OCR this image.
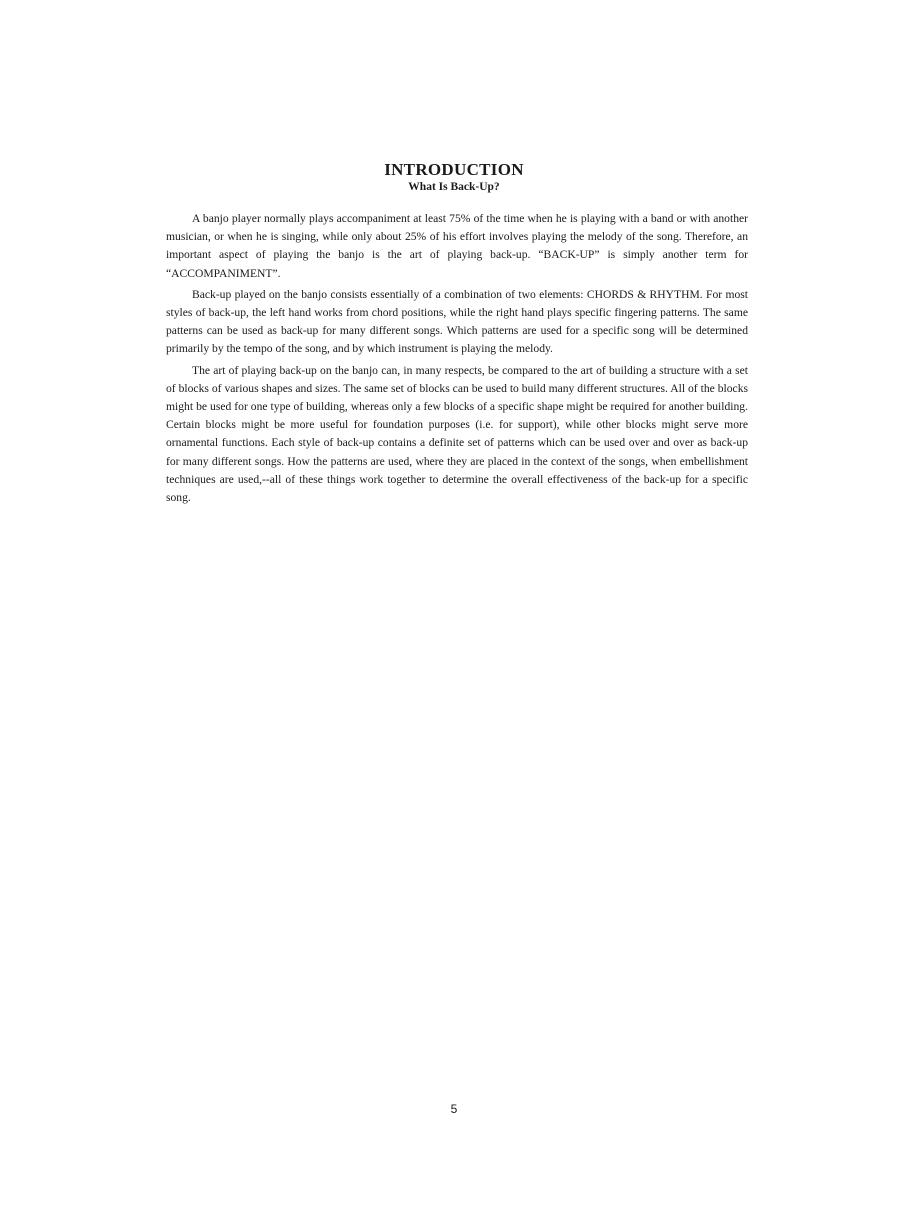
INTRODUCTION
What Is Back-Up?

A banjo player normally plays accompaniment at least 75% of the time when he is playing with a band or with another musician, or when he is singing, while only about 25% of his effort involves playing the melody of the song. Therefore, an important aspect of playing the banjo is the art of playing back-up. “BACK-UP” is simply another term for “ACCOMPANIMENT”.

Back-up played on the banjo consists essentially of a combination of two elements: CHORDS & RHYTHM. For most styles of back-up, the left hand works from chord positions, while the right hand plays specific fingering patterns. The same patterns can be used as back-up for many different songs. Which patterns are used for a specific song will be determined primarily by the tempo of the song, and by which instrument is playing the melody.

The art of playing back-up on the banjo can, in many respects, be compared to the art of building a structure with a set of blocks of various shapes and sizes. The same set of blocks can be used to build many different structures. All of the blocks might be used for one type of building, whereas only a few blocks of a specific shape might be required for another building. Certain blocks might be more useful for foundation purposes (i.e. for support), while other blocks might serve more ornamental functions. Each style of back-up contains a definite set of patterns which can be used over and over as back-up for many different songs. How the patterns are used, where they are placed in the context of the songs, when embellishment techniques are used,--all of these things work together to determine the overall effectiveness of the back-up for a specific song.

5
